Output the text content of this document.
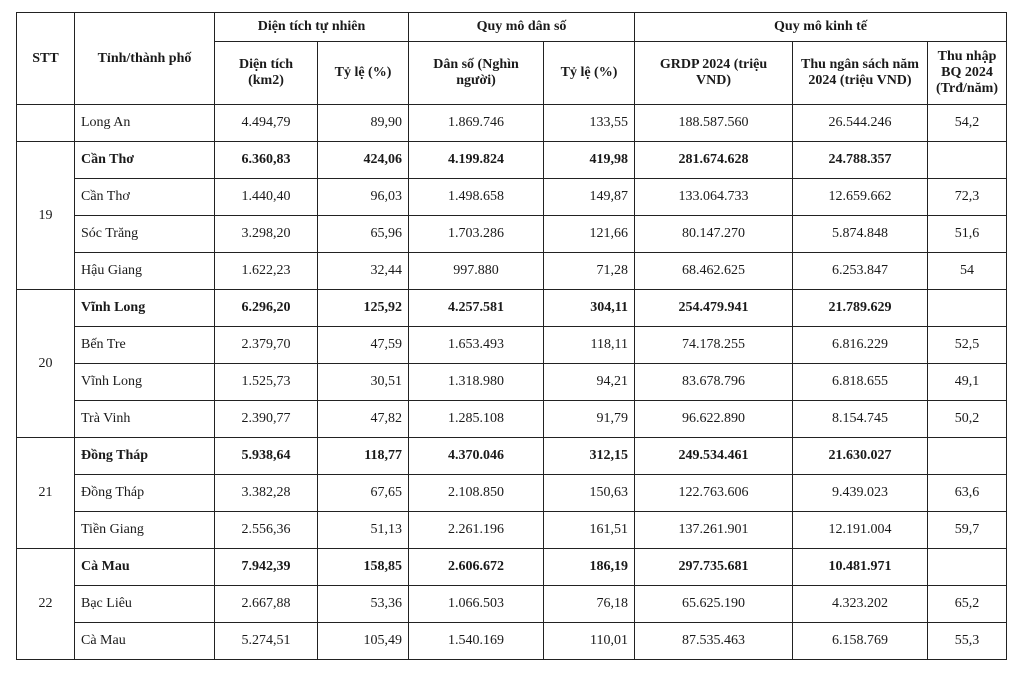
STT	Tỉnh/thành phố	Diện tích tự nhiên		Quy mô dân số		Quy mô kinh tế		
		Diện tích (km2)	Tỷ lệ (%)	Dân số (Nghìn người)	Tỷ lệ (%)	GRDP 2024 (triệu VND)	Thu ngân sách năm 2024 (triệu VND)	Thu nhập BQ 2024 (Trđ/năm)
	Long An	4.494,79	89,90	1.869.746	133,55	188.587.560	26.544.246	54,2
19	Cần Thơ	6.360,83	424,06	4.199.824	419,98	281.674.628	24.788.357	
	Cần Thơ	1.440,40	96,03	1.498.658	149,87	133.064.733	12.659.662	72,3
	Sóc Trăng	3.298,20	65,96	1.703.286	121,66	80.147.270	5.874.848	51,6
	Hậu Giang	1.622,23	32,44	997.880	71,28	68.462.625	6.253.847	54
20	Vĩnh Long	6.296,20	125,92	4.257.581	304,11	254.479.941	21.789.629	
	Bến Tre	2.379,70	47,59	1.653.493	118,11	74.178.255	6.816.229	52,5
	Vĩnh Long	1.525,73	30,51	1.318.980	94,21	83.678.796	6.818.655	49,1
	Trà Vinh	2.390,77	47,82	1.285.108	91,79	96.622.890	8.154.745	50,2
21	Đồng Tháp	5.938,64	118,77	4.370.046	312,15	249.534.461	21.630.027	
	Đồng Tháp	3.382,28	67,65	2.108.850	150,63	122.763.606	9.439.023	63,6
	Tiền Giang	2.556,36	51,13	2.261.196	161,51	137.261.901	12.191.004	59,7
22	Cà Mau	7.942,39	158,85	2.606.672	186,19	297.735.681	10.481.971	
	Bạc Liêu	2.667,88	53,36	1.066.503	76,18	65.625.190	4.323.202	65,2
	Cà Mau	5.274,51	105,49	1.540.169	110,01	87.535.463	6.158.769	55,3
